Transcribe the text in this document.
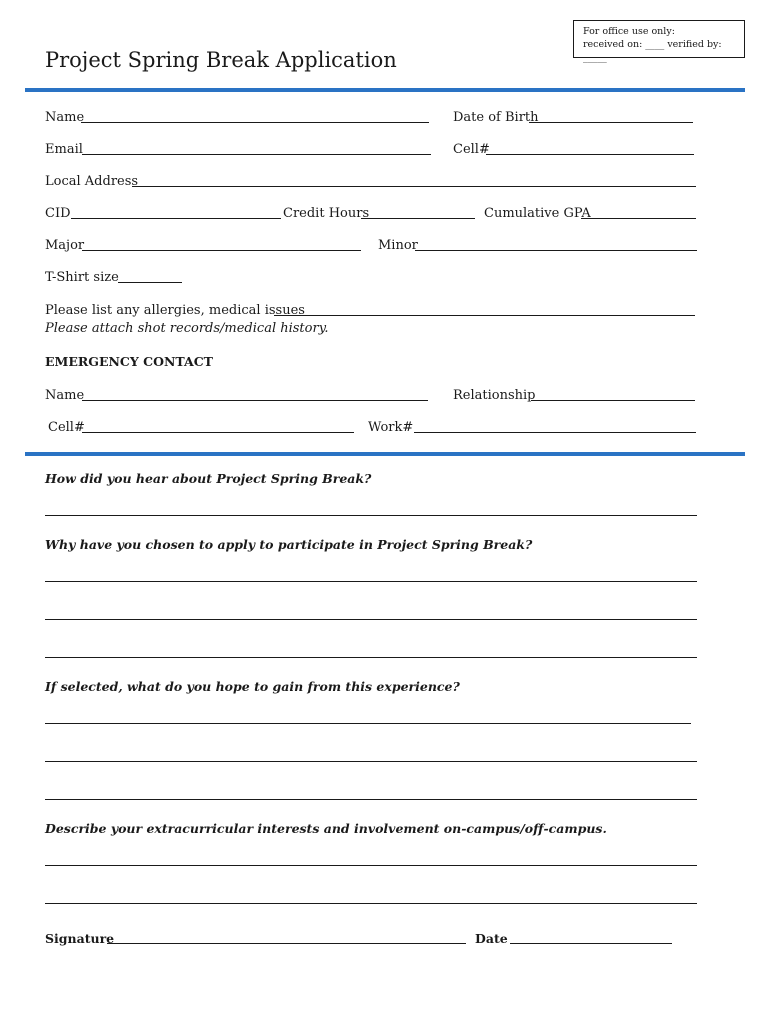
For office use only:
received on: ____ verified by: _____
Project Spring Break Application
Name	Date of Birth
Email	Cell#
Local Address
CID	Credit Hours	Cumulative GPA
Major	Minor
T-Shirt size
Please list any allergies, medical issues
Please attach shot records/medical history.
EMERGENCY CONTACT
Name	Relationship
Cell#	Work#
How did you hear about Project Spring Break?
Why have you chosen to apply to participate in Project Spring Break?
If selected, what do you hope to gain from this experience?
Describe your extracurricular interests and involvement on-campus/off-campus.
Signature	Date
